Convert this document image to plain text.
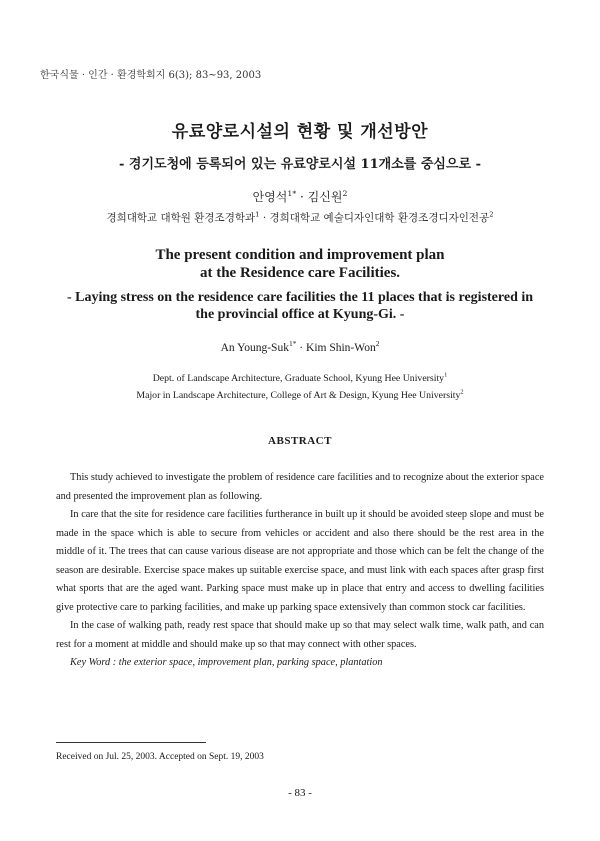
한국식물 · 인간 · 환경학회지 6(3); 83~93, 2003
유료양로시설의 현황 및 개선방안
- 경기도청에 등록되어 있는 유료양로시설 11개소를 중심으로 -
안영석$^{1*}$ · 김신원$^2$
경희대학교 대학원 환경조경학과$^1$ · 경희대학교 예술디자인대학 환경조경디자인전공$^2$
The present condition and improvement plan
at the Residence care Facilities.
- Laying stress on the residence care facilities the 11 places that is registered in
the provincial office at Kyung-Gi. -
An Young-Suk$^{1*}$ · Kim Shin-Won$^2$
Dept. of Landscape Architecture, Graduate School, Kyung Hee University$^1$
Major in Landscape Architecture, College of Art & Design, Kyung Hee University$^2$
ABSTRACT

This study achieved to investigate the problem of residence care facilities and to recognize about the exterior space and presented the improvement plan as following.

In care that the site for residence care facilities furtherance in built up it should be avoided steep slope and must be made in the space which is able to secure from vehicles or accident and also there should be the rest area in the middle of it. The trees that can cause various disease are not appropriate and those which can be felt the change of the season are desirable. Exercise space makes up suitable exercise space, and must link with each spaces after grasp first what sports that are the aged want. Parking space must make up in place that entry and access to dwelling facilities give protective care to parking facilities, and make up parking space extensively than common stock car facilities.

In the case of walking path, ready rest space that should make up so that may select walk time, walk path, and can rest for a moment at middle and should make up so that may connect with other spaces.

Key Word : the exterior space, improvement plan, parking space, plantation

Received on Jul. 25, 2003. Accepted on Sept. 19, 2003
- 83 -
